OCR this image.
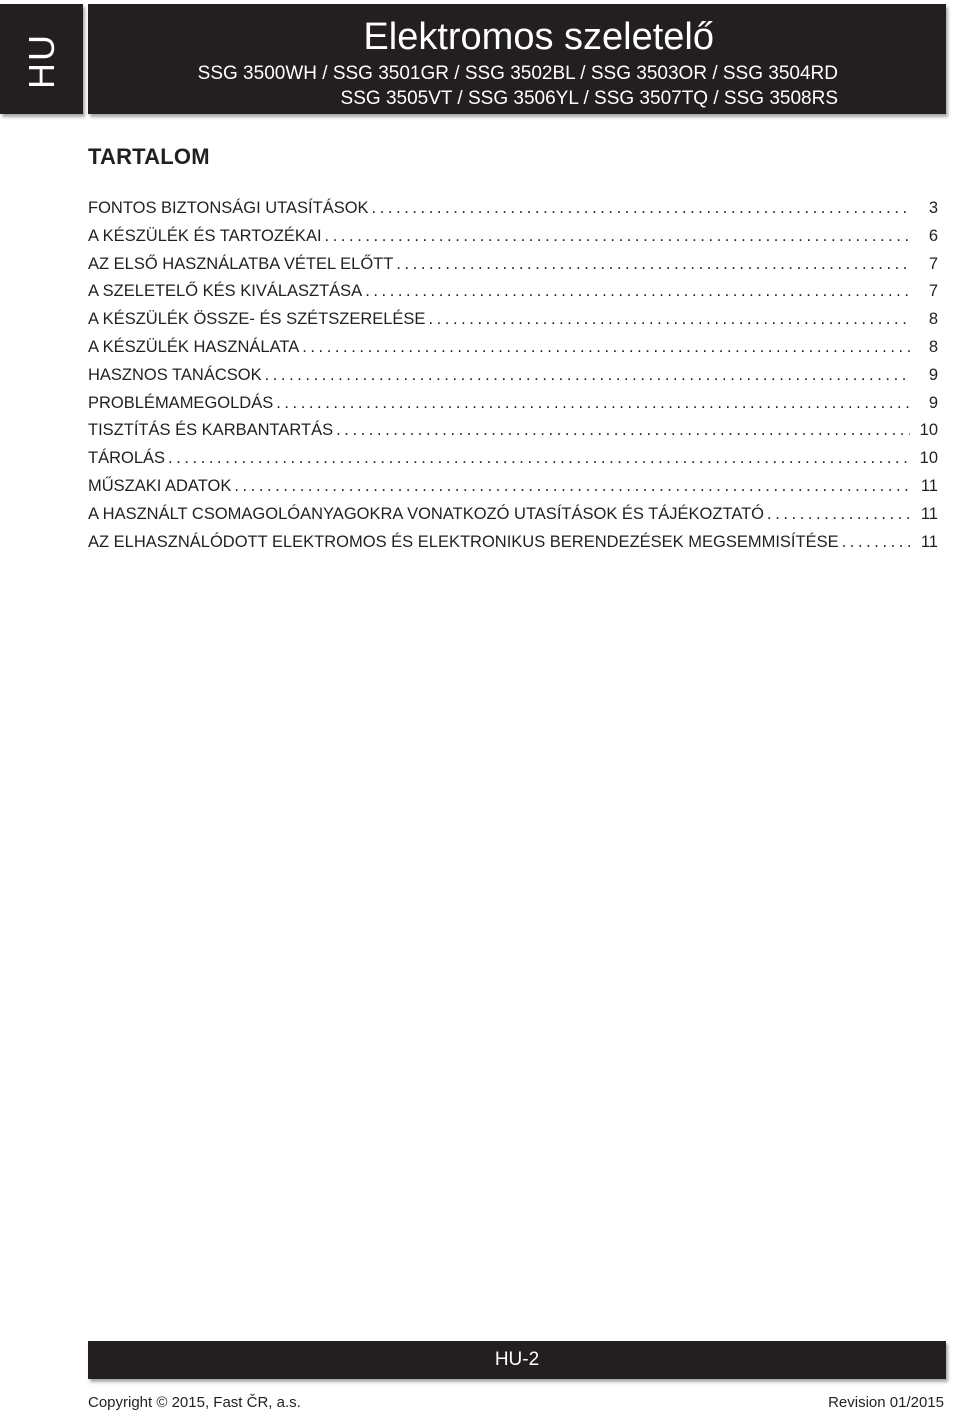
HU	Elektromos szeletelő
SSG 3500WH / SSG 3501GR / SSG 3502BL / SSG 3503OR / SSG 3504RD
SSG 3505VT / SSG 3506YL / SSG 3507TQ / SSG 3508RS
TARTALOM
FONTOS BIZTONSÁGI UTASÍTÁSOK . . .	3
A KÉSZÜLÉK ÉS TARTOZÉKAI . . .	6
AZ ELSŐ HASZNÁLATBA VÉTEL ELŐTT . . .	7
A SZELETELŐ KÉS KIVÁLASZTÁSA . . .	7
A KÉSZÜLÉK ÖSSZE- ÉS SZÉTSZERELÉSE . . .	8
A KÉSZÜLÉK HASZNÁLATA . . .	8
HASZNOS TANÁCSOK . . .	9
PROBLÉMAMEGOLDÁS . . .	9
TISZTÍTÁS ÉS KARBANTARTÁS . . .	10
TÁROLÁS . . .	10
MŰSZAKI ADATOK . . .	11
A HASZNÁLT CSOMAGOLÓANYAGOKRA VONATKOZÓ UTASÍTÁSOK ÉS TÁJÉKOZTATÓ . . .	11
AZ ELHASZNÁLÓDOTT ELEKTROMOS ÉS ELEKTRONIKUS BERENDEZÉSEK MEGSEMMISÍTÉSE . . .	11
HU-2
Copyright © 2015, Fast ČR, a.s.	Revision 01/2015
